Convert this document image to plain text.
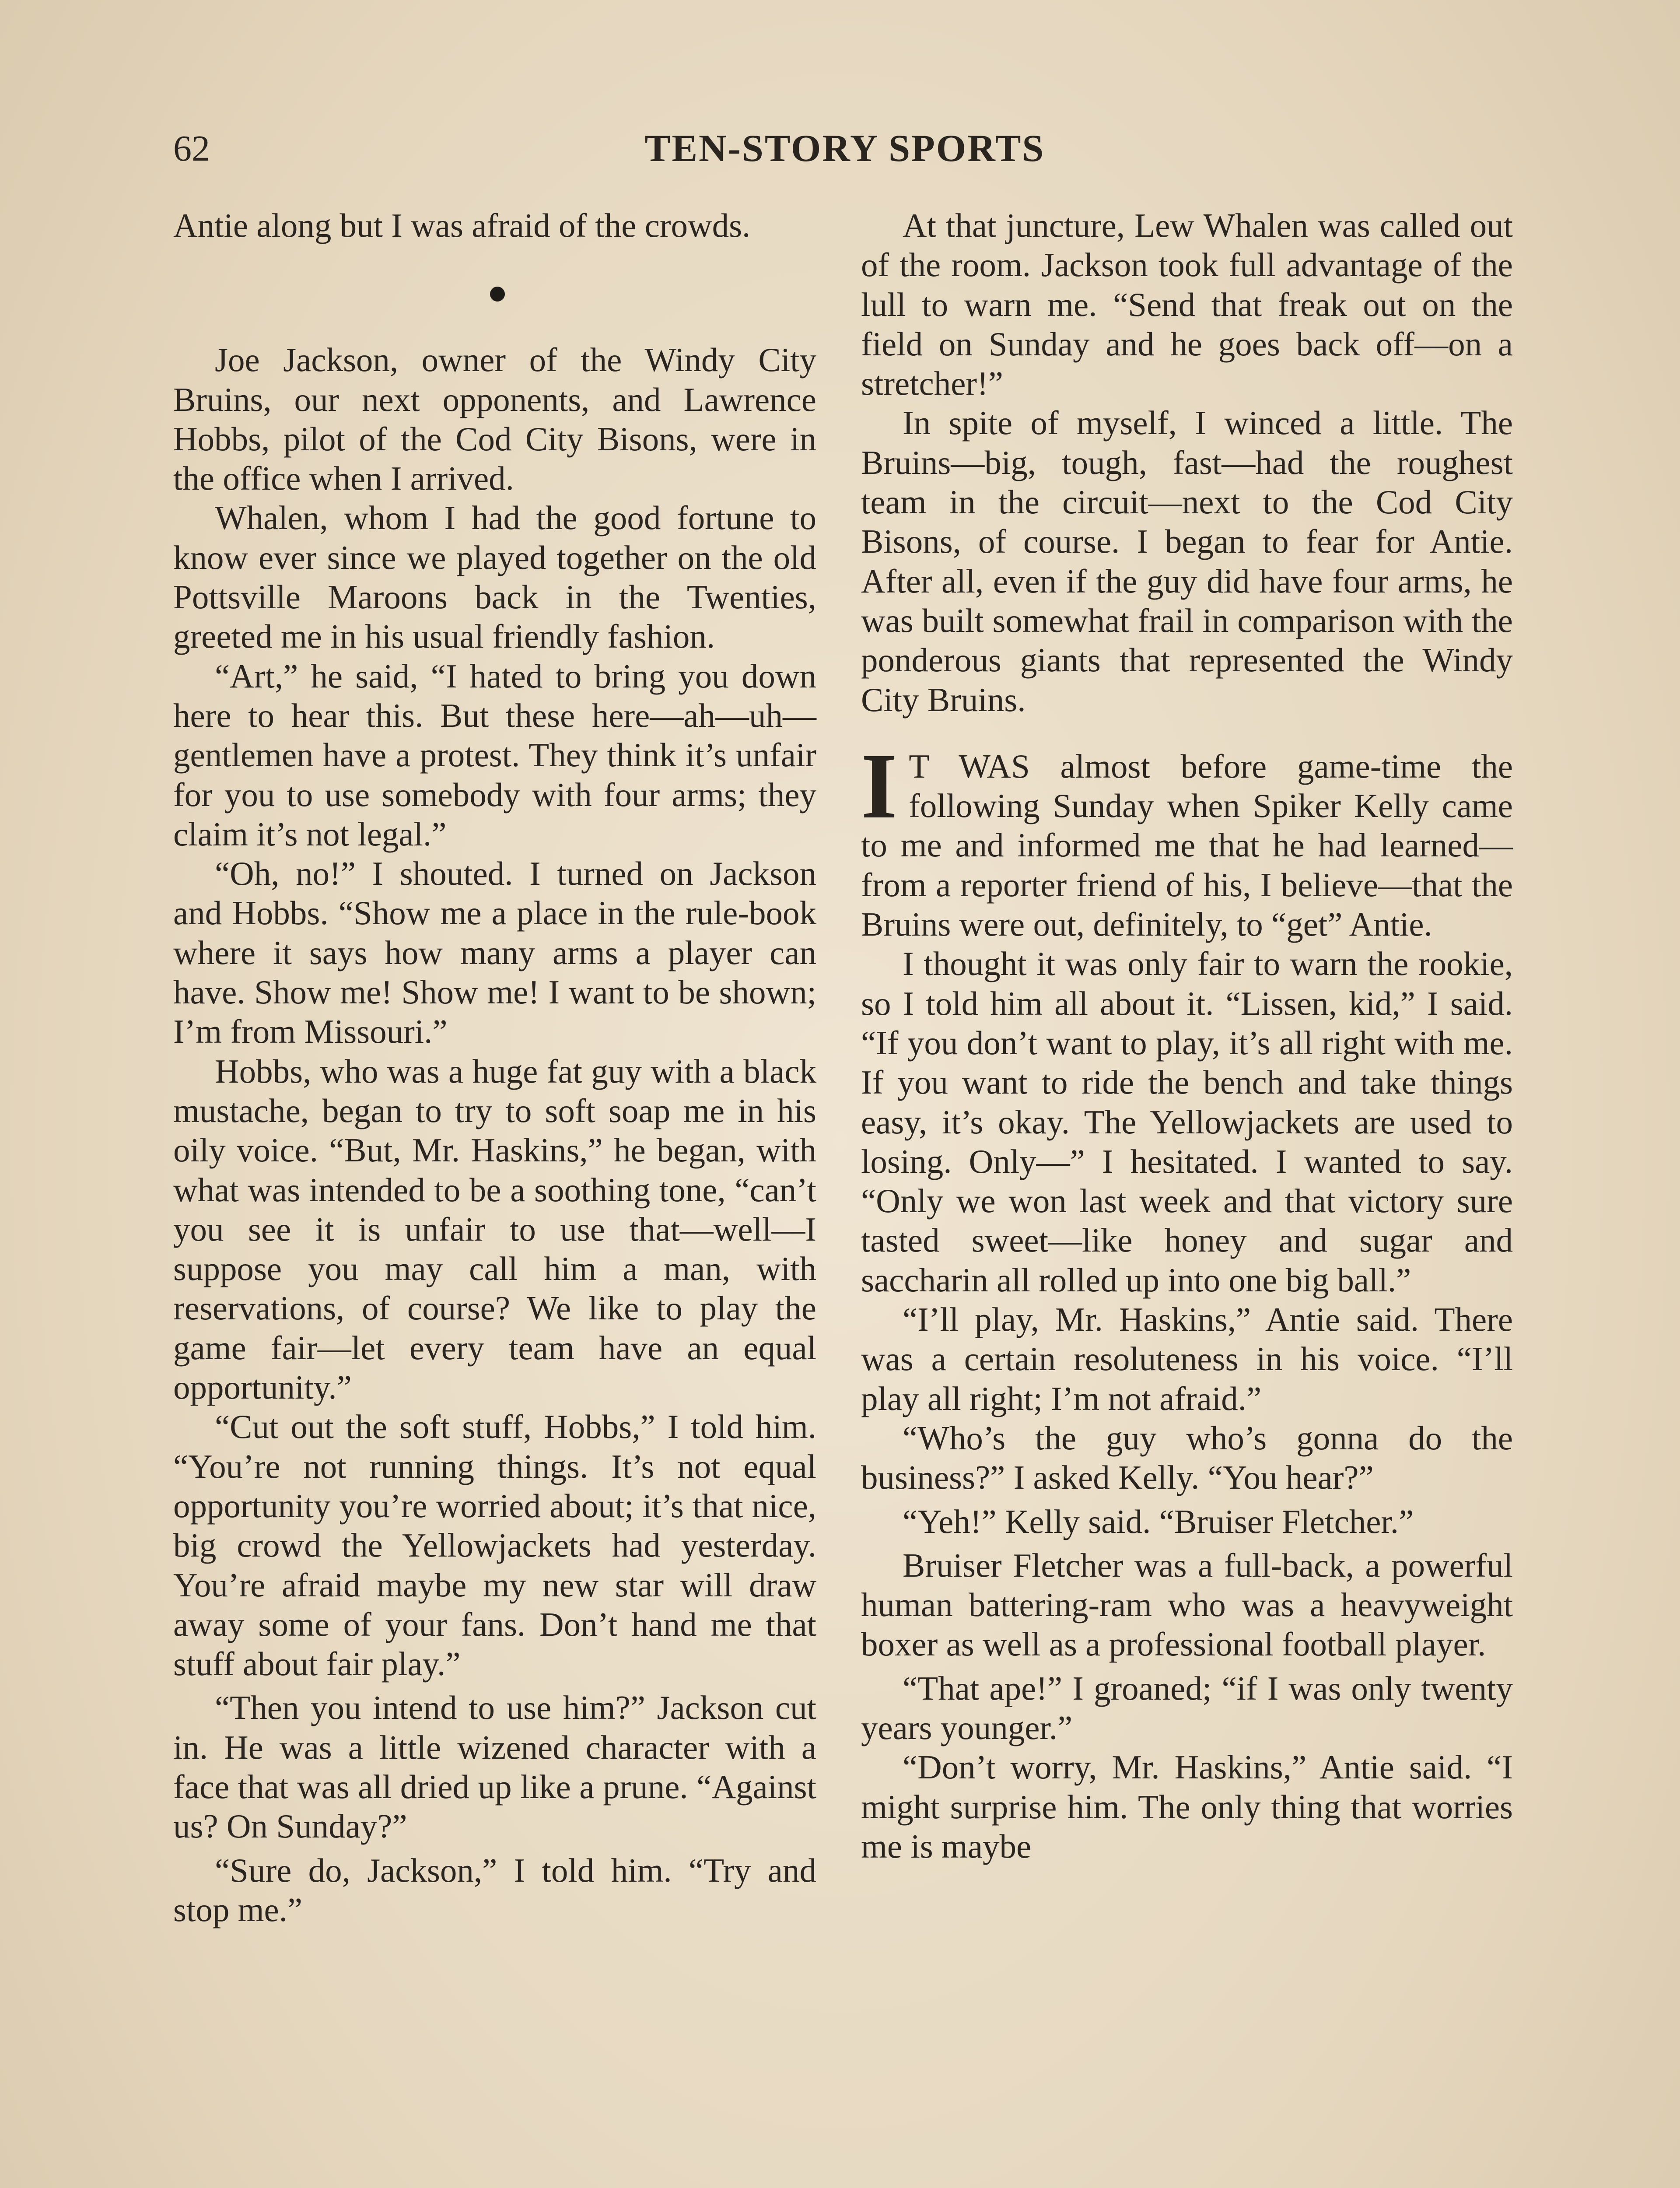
62	TEN-STORY SPORTS

Antie along but I was afraid of the crowds.

Joe Jackson, owner of the Windy City Bruins, our next opponents, and Lawrence Hobbs, pilot of the Cod City Bisons, were in the office when I arrived.

Whalen, whom I had the good fortune to know ever since we played together on the old Pottsville Maroons back in the Twenties, greeted me in his usual friendly fashion.

“Art,” he said, “I hated to bring you down here to hear this. But these here—ah—uh—gentlemen have a protest. They think it’s unfair for you to use somebody with four arms; they claim it’s not legal.”

“Oh, no!” I shouted. I turned on Jackson and Hobbs. “Show me a place in the rule-book where it says how many arms a player can have. Show me! Show me! I want to be shown; I’m from Missouri.”

Hobbs, who was a huge fat guy with a black mustache, began to try to soft soap me in his oily voice. “But, Mr. Haskins,” he began, with what was intended to be a soothing tone, “can’t you see it is unfair to use that—well—I suppose you may call him a man, with reservations, of course? We like to play the game fair—let every team have an equal opportunity.”

“Cut out the soft stuff, Hobbs,” I told him. “You’re not running things. It’s not equal opportunity you’re worried about; it’s that nice, big crowd the Yellowjackets had yesterday. You’re afraid maybe my new star will draw away some of your fans. Don’t hand me that stuff about fair play.”

“Then you intend to use him?” Jackson cut in. He was a little wizened character with a face that was all dried up like a prune. “Against us? On Sunday?”

“Sure do, Jackson,” I told him. “Try and stop me.”

At that juncture, Lew Whalen was called out of the room. Jackson took full advantage of the lull to warn me. “Send that freak out on the field on Sunday and he goes back off—on a stretcher!”

In spite of myself, I winced a little. The Bruins—big, tough, fast—had the roughest team in the circuit—next to the Cod City Bisons, of course. I began to fear for Antie. After all, even if the guy did have four arms, he was built somewhat frail in comparison with the ponderous giants that represented the Windy City Bruins.

I T WAS almost before game-time the following Sunday when Spiker Kelly came to me and informed me that he had learned—from a reporter friend of his, I believe—that the Bruins were out, definitely, to “get” Antie.

I thought it was only fair to warn the rookie, so I told him all about it. “Lissen, kid,” I said. “If you don’t want to play, it’s all right with me. If you want to ride the bench and take things easy, it’s okay. The Yellowjackets are used to losing. Only—” I hesitated. I wanted to say. “Only we won last week and that victory sure tasted sweet—like honey and sugar and saccharin all rolled up into one big ball.”

“I’ll play, Mr. Haskins,” Antie said. There was a certain resoluteness in his voice. “I’ll play all right; I’m not afraid.”

“Who’s the guy who’s gonna do the business?” I asked Kelly. “You hear?”

“Yeh!” Kelly said. “Bruiser Fletcher.”

Bruiser Fletcher was a full-back, a powerful human battering-ram who was a heavyweight boxer as well as a professional football player.

“That ape!” I groaned; “if I was only twenty years younger.”

“Don’t worry, Mr. Haskins,” Antie said. “I might surprise him. The only thing that worries me is maybe
